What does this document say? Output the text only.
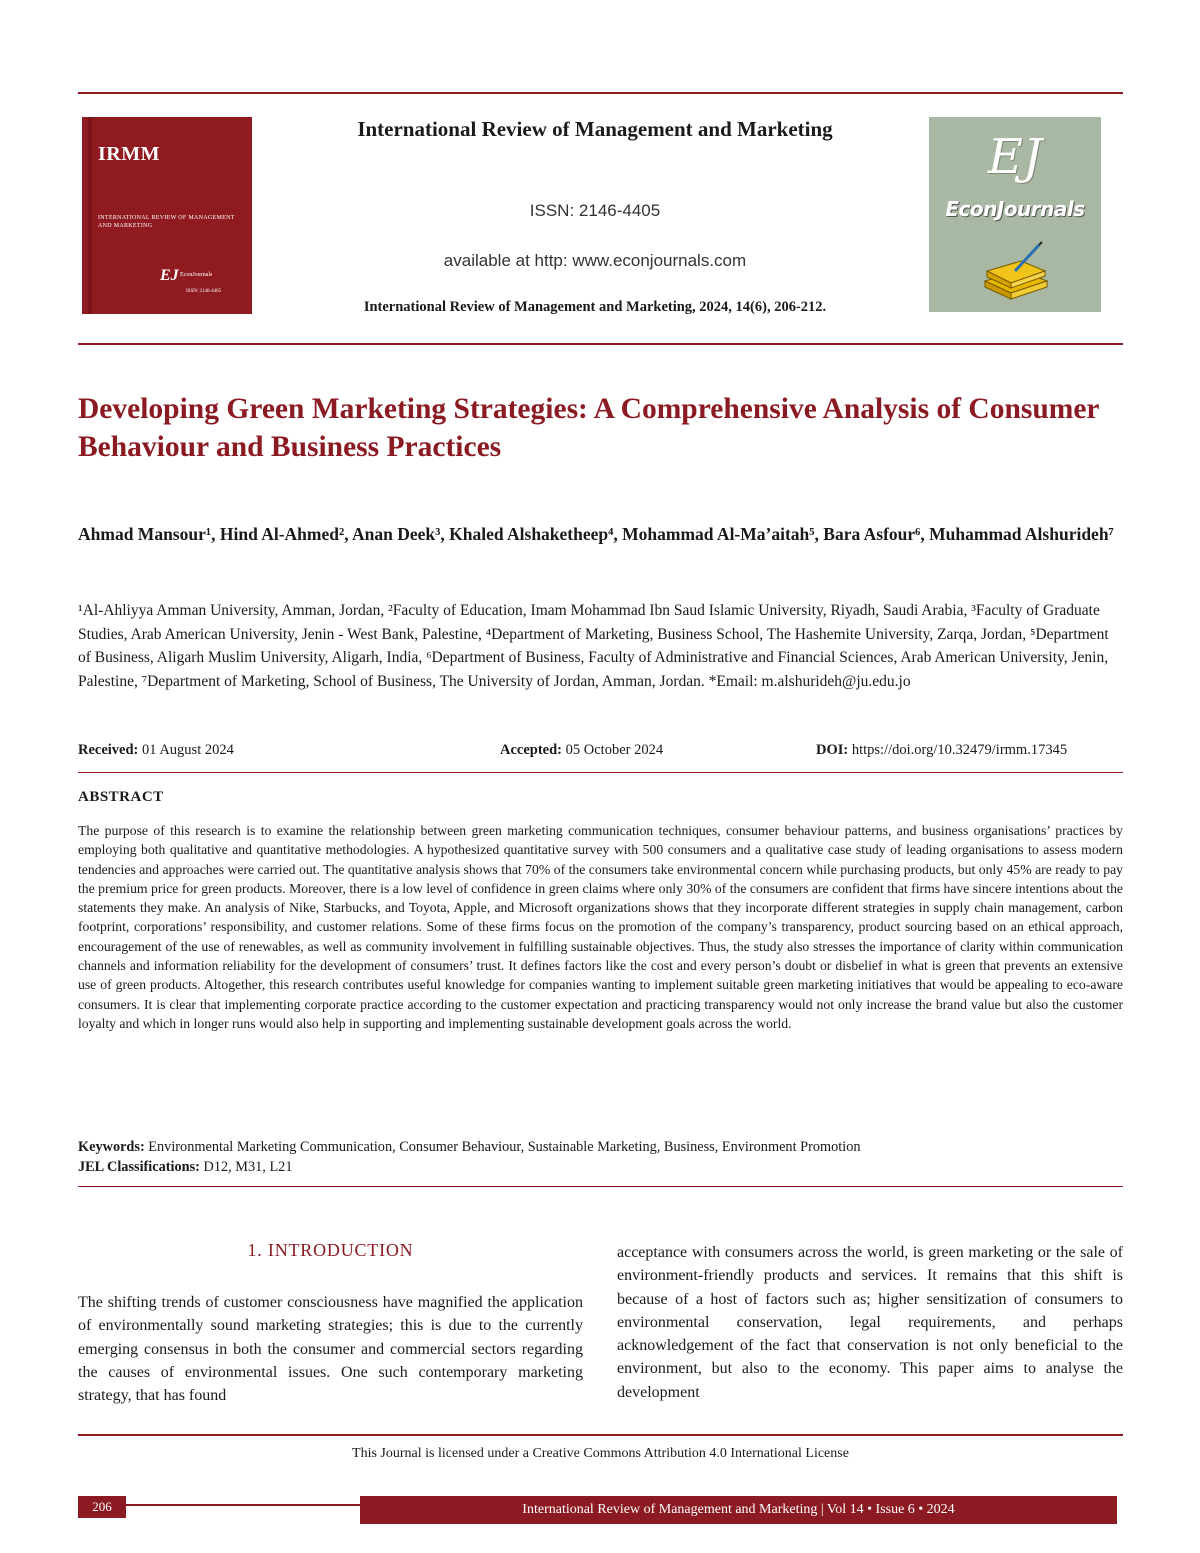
IRMM
INTERNATIONAL REVIEW OF MANAGEMENT AND MARKETING
EJ EconJournals
ISSN: 2146-4405
International Review of Management and Marketing
ISSN: 2146-4405
available at http: www.econjournals.com
International Review of Management and Marketing, 2024, 14(6), 206-212.
EJ
EconJournals
Developing Green Marketing Strategies: A Comprehensive Analysis of Consumer Behaviour and Business Practices
Ahmad Mansour¹, Hind Al-Ahmed², Anan Deek³, Khaled Alshaketheep⁴, Mohammad Al-Ma’aitah⁵, Bara Asfour⁶, Muhammad Alshurideh⁷
¹Al-Ahliyya Amman University, Amman, Jordan, ²Faculty of Education, Imam Mohammad Ibn Saud Islamic University, Riyadh, Saudi Arabia, ³Faculty of Graduate Studies, Arab American University, Jenin - West Bank, Palestine, ⁴Department of Marketing, Business School, The Hashemite University, Zarqa, Jordan, ⁵Department of Business, Aligarh Muslim University, Aligarh, India, ⁶Department of Business, Faculty of Administrative and Financial Sciences, Arab American University, Jenin, Palestine, ⁷Department of Marketing, School of Business, The University of Jordan, Amman, Jordan. *Email: m.alshurideh@ju.edu.jo
Received: 01 August 2024	Accepted: 05 October 2024	DOI: https://doi.org/10.32479/irmm.17345
ABSTRACT
The purpose of this research is to examine the relationship between green marketing communication techniques, consumer behaviour patterns, and business organisations’ practices by employing both qualitative and quantitative methodologies. A hypothesized quantitative survey with 500 consumers and a qualitative case study of leading organisations to assess modern tendencies and approaches were carried out. The quantitative analysis shows that 70% of the consumers take environmental concern while purchasing products, but only 45% are ready to pay the premium price for green products. Moreover, there is a low level of confidence in green claims where only 30% of the consumers are confident that firms have sincere intentions about the statements they make. An analysis of Nike, Starbucks, and Toyota, Apple, and Microsoft organizations shows that they incorporate different strategies in supply chain management, carbon footprint, corporations’ responsibility, and customer relations. Some of these firms focus on the promotion of the company’s transparency, product sourcing based on an ethical approach, encouragement of the use of renewables, as well as community involvement in fulfilling sustainable objectives. Thus, the study also stresses the importance of clarity within communication channels and information reliability for the development of consumers’ trust. It defines factors like the cost and every person’s doubt or disbelief in what is green that prevents an extensive use of green products. Altogether, this research contributes useful knowledge for companies wanting to implement suitable green marketing initiatives that would be appealing to eco-aware consumers. It is clear that implementing corporate practice according to the customer expectation and practicing transparency would not only increase the brand value but also the customer loyalty and which in longer runs would also help in supporting and implementing sustainable development goals across the world.
Keywords: Environmental Marketing Communication, Consumer Behaviour, Sustainable Marketing, Business, Environment Promotion
JEL Classifications: D12, M31, L21
1. INTRODUCTION
The shifting trends of customer consciousness have magnified the application of environmentally sound marketing strategies; this is due to the currently emerging consensus in both the consumer and commercial sectors regarding the causes of environmental issues. One such contemporary marketing strategy, that has found
acceptance with consumers across the world, is green marketing or the sale of environment-friendly products and services. It remains that this shift is because of a host of factors such as; higher sensitization of consumers to environmental conservation, legal requirements, and perhaps acknowledgement of the fact that conservation is not only beneficial to the environment, but also to the economy. This paper aims to analyse the development
This Journal is licensed under a Creative Commons Attribution 4.0 International License
206	International Review of Management and Marketing | Vol 14 • Issue 6 • 2024
